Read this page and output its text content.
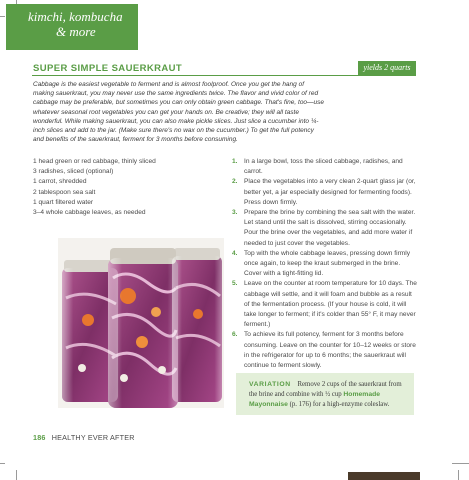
kimchi, kombucha
& more
SUPER SIMPLE SAUERKRAUT	yields 2 quarts
Cabbage is the easiest vegetable to ferment and is almost foolproof. Once you get the hang of making sauerkraut, you may never use the same ingredients twice. The flavor and vivid color of red cabbage may be preferable, but sometimes you can only obtain green cabbage. That's fine, too—use whatever seasonal root vegetables you can get your hands on. Be creative; they will all taste wonderful. While making sauerkraut, you can also make pickle slices. Just slice a cucumber into ¼-inch slices and add to the jar. (Make sure there's no wax on the cucumber.) To get the full potency and benefits of the sauerkraut, ferment for 3 months before consuming.
1 head green or red cabbage, thinly sliced
3 radishes, sliced (optional)
1 carrot, shredded
2 tablespoon sea salt
1 quart filtered water
3–4 whole cabbage leaves, as needed
1. In a large bowl, toss the sliced cabbage, radishes, and carrot.
2. Place the vegetables into a very clean 2-quart glass jar (or, better yet, a jar especially designed for fermenting foods). Press down firmly.
3. Prepare the brine by combining the sea salt with the water. Let stand until the salt is dissolved, stirring occasionally. Pour the brine over the vegetables, and add more water if needed to just cover the vegetables.
4. Top with the whole cabbage leaves, pressing down firmly once again, to keep the kraut submerged in the brine. Cover with a tight-fitting lid.
5. Leave on the counter at room temperature for 10 days. The cabbage will settle, and it will foam and bubble as a result of the fermentation process. (If your house is cold, it will take longer to ferment; if it's colder than 55° F, it may never ferment.)
6. To achieve its full potency, ferment for 3 months before consuming. Leave on the counter for 10–12 weeks or store in the refrigerator for up to 6 months; the sauerkraut will continue to ferment slowly.
VARIATION Remove 2 cups of the sauerkraut from the brine and combine with ½ cup Homemade Mayonnaise (p. 176) for a high-enzyme coleslaw.
186 HEALTHY EVER AFTER
